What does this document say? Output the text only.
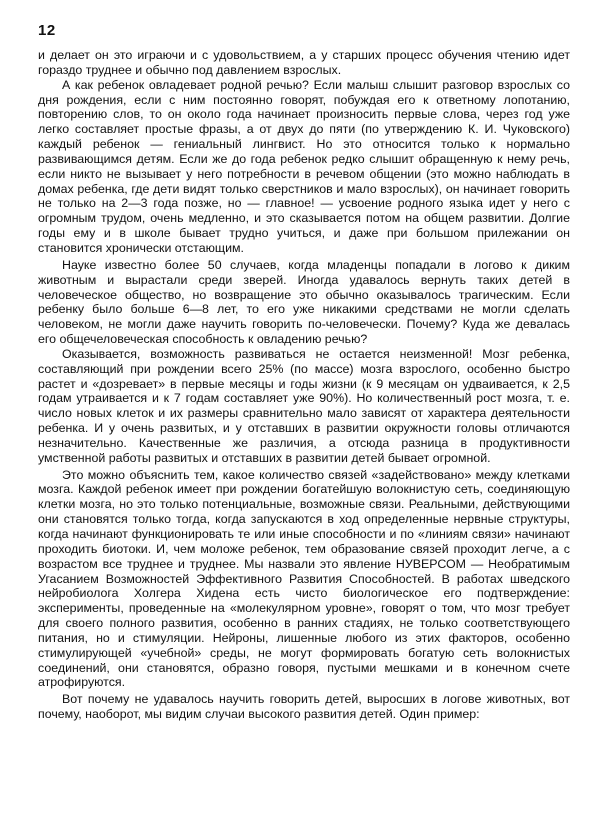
12

и делает он это играючи и с удовольствием, а у старших процесс обучения чтению идет гораздо труднее и обычно под давлением взрослых.

А как ребенок овладевает родной речью? Если малыш слышит разговор взрослых со дня рождения, если с ним постоянно говорят, побуждая его к ответному лопотанию, повторению слов, то он около года начинает произносить первые слова, через год уже легко составляет простые фразы, а от двух до пяти (по утверждению К. И. Чуковского) каждый ребенок — гениальный лингвист. Но это относится только к нормально развивающимся детям. Если же до года ребенок редко слышит обращенную к нему речь, если никто не вызывает у него потребности в речевом общении (это можно наблюдать в домах ребенка, где дети видят только сверстников и мало взрослых), он начинает говорить не только на 2—3 года позже, но — главное! — усвоение родного языка идет у него с огромным трудом, очень медленно, и это сказывается потом на общем развитии. Долгие годы ему и в школе бывает трудно учиться, и даже при большом прилежании он становится хронически отстающим.

Науке известно более 50 случаев, когда младенцы попадали в логово к диким животным и вырастали среди зверей. Иногда удавалось вернуть таких детей в человеческое общество, но возвращение это обычно оказывалось трагическим. Если ребенку было больше 6—8 лет, то его уже никакими средствами не могли сделать человеком, не могли даже научить говорить по-человечески. Почему? Куда же девалась его общечеловеческая способность к овладению речью?

Оказывается, возможность развиваться не остается неизменной! Мозг ребенка, составляющий при рождении всего 25% (по массе) мозга взрослого, особенно быстро растет и «дозревает» в первые месяцы и годы жизни (к 9 месяцам он удваивается, к 2,5 годам утраивается и к 7 годам составляет уже 90%). Но количественный рост мозга, т. е. число новых клеток и их размеры сравнительно мало зависят от характера деятельности ребенка. И у очень развитых, и у отставших в развитии окружности головы отличаются незначительно. Качественные же различия, а отсюда разница в продуктивности умственной работы развитых и отставших в развитии детей бывает огромной.

Это можно объяснить тем, какое количество связей «задействовано» между клетками мозга. Каждой ребенок имеет при рождении богатейшую волокнистую сеть, соединяющую клетки мозга, но это только потенциальные, возможные связи. Реальными, действующими они становятся только тогда, когда запускаются в ход определенные нервные структуры, когда начинают функционировать те или иные способности и по «линиям связи» начинают проходить биотоки. И, чем моложе ребенок, тем образование связей проходит легче, а с возрастом все труднее и труднее. Мы назвали это явление НУВЕРСОМ — Необратимым Угасанием Возможностей Эффективного Развития Способностей. В работах шведского нейробиолога Холгера Хидена есть чисто биологическое его подтверждение: эксперименты, проведенные на «молекулярном уровне», говорят о том, что мозг требует для своего полного развития, особенно в ранних стадиях, не только соответствующего питания, но и стимуляции. Нейроны, лишенные любого из этих факторов, особенно стимулирующей «учебной» среды, не могут формировать богатую сеть волокнистых соединений, они становятся, образно говоря, пустыми мешками и в конечном счете атрофируются.

Вот почему не удавалось научить говорить детей, выросших в логове животных, вот почему, наоборот, мы видим случаи высокого развития детей. Один пример:
